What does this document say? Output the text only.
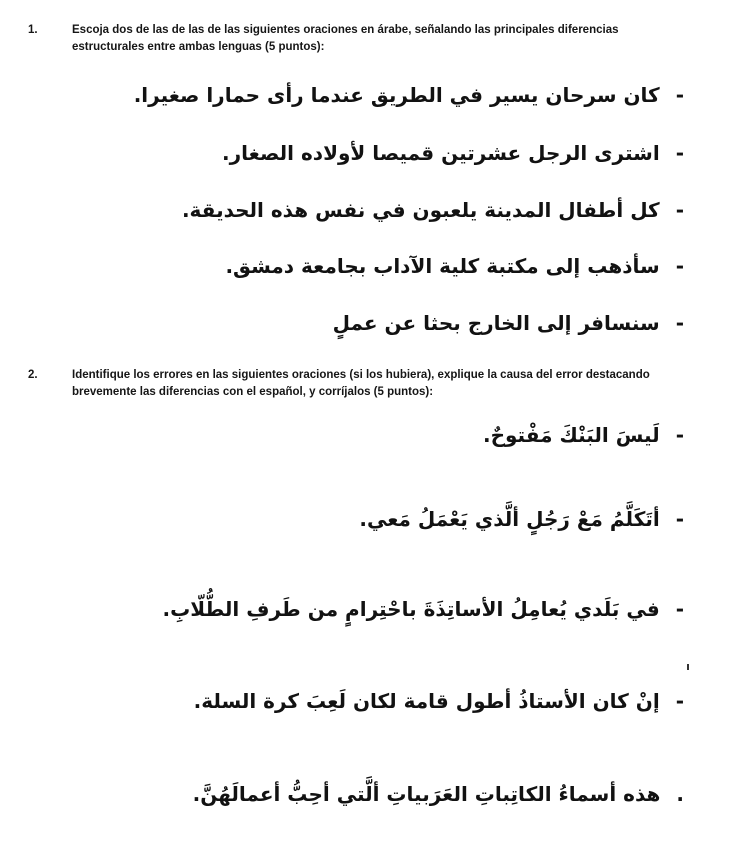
1.	Escoja dos de las de las de las siguientes oraciones en árabe, señalando las principales diferencias estructurales entre ambas lenguas (5 puntos):
-كان سرحان يسير في الطريق عندما رأى حمارا صغيرا.
-اشترى الرجل عشرتين قميصا لأولاده الصغار.
-كل أطفال المدينة يلعبون في نفس هذه الحديقة.
-سأذهب إلى مكتبة كلية الآداب بجامعة دمشق.
-سنسافر إلى الخارج بحثا عن عملٍ
2.	Identifique los errores en las siguientes oraciones (si los hubiera), explique la causa del error destacando brevemente las diferencias con el español, y corríjalos (5 puntos):
-لَيسَ البَنْكَ مَفْتوحٌ.
-أتَكَلَّمُ مَعْ رَجُلٍ ألَّذي يَعْمَلُ مَعي.
-في بَلَدي يُعامِلُ الأساتِذَةَ باحْتِرامٍ من طَرفِ الطُّلّابِ.
-إنْ كان الأستاذُ أطول قامة لكان لَعِبَ كرة السلة.
.هذه أسماءُ الكاتِباتِ العَرَبياتِ ألَّتي أحِبُّ أعمالَهُنَّ.
